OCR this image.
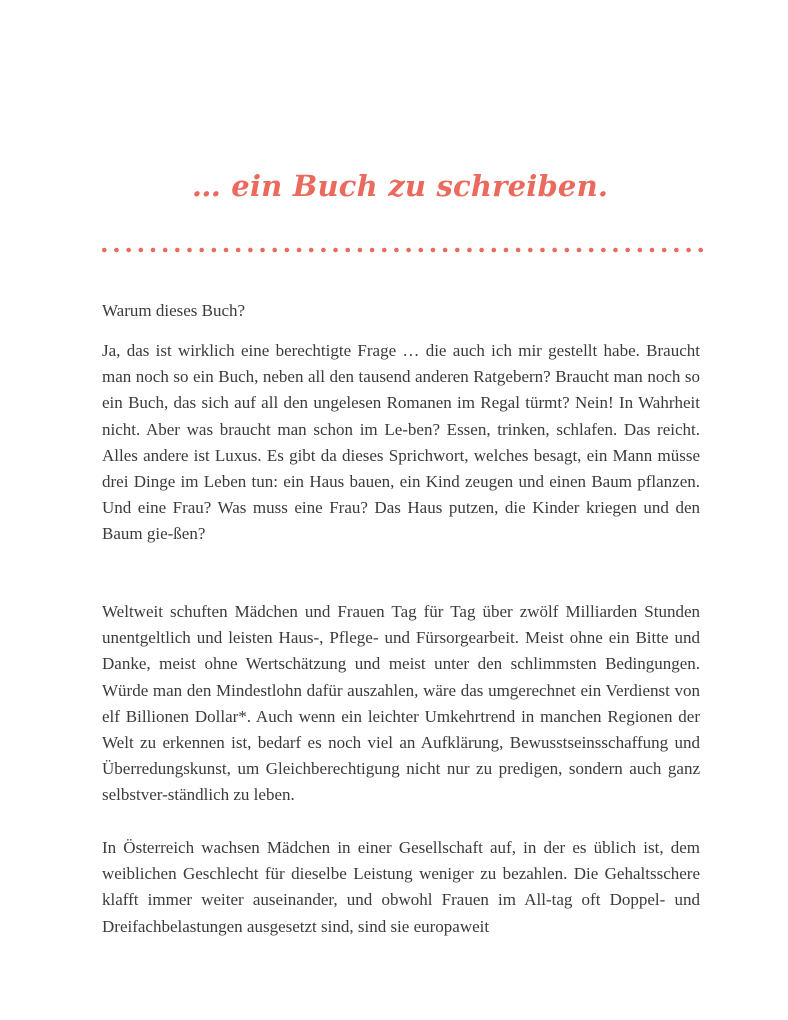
… ein Buch zu schreiben.

Warum dieses Buch?

Ja, das ist wirklich eine berechtigte Frage … die auch ich mir gestellt habe. Braucht man noch so ein Buch, neben all den tausend anderen Ratgebern? Braucht man noch so ein Buch, das sich auf all den ungelesen Romanen im Regal türmt? Nein! In Wahrheit nicht. Aber was braucht man schon im Le-ben? Essen, trinken, schlafen. Das reicht. Alles andere ist Luxus. Es gibt da dieses Sprichwort, welches besagt, ein Mann müsse drei Dinge im Leben tun: ein Haus bauen, ein Kind zeugen und einen Baum pflanzen. Und eine Frau? Was muss eine Frau? Das Haus putzen, die Kinder kriegen und den Baum gie-ßen?

Weltweit schuften Mädchen und Frauen Tag für Tag über zwölf Milliarden Stunden unentgeltlich und leisten Haus-, Pflege- und Fürsorgearbeit. Meist ohne ein Bitte und Danke, meist ohne Wertschätzung und meist unter den schlimmsten Bedingungen. Würde man den Mindestlohn dafür auszahlen, wäre das umgerechnet ein Verdienst von elf Billionen Dollar*. Auch wenn ein leichter Umkehrtrend in manchen Regionen der Welt zu erkennen ist, bedarf es noch viel an Aufklärung, Bewusstseinsschaffung und Überredungskunst, um Gleichberechtigung nicht nur zu predigen, sondern auch ganz selbstver-ständlich zu leben.

In Österreich wachsen Mädchen in einer Gesellschaft auf, in der es üblich ist, dem weiblichen Geschlecht für dieselbe Leistung weniger zu bezahlen. Die Gehaltsschere klafft immer weiter auseinander, und obwohl Frauen im All-tag oft Doppel- und Dreifachbelastungen ausgesetzt sind, sind sie europaweit
